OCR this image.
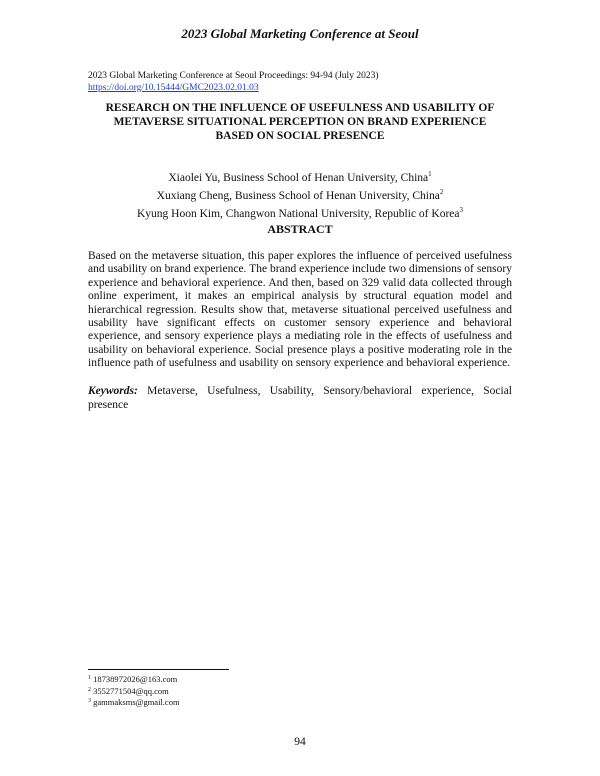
2023 Global Marketing Conference at Seoul
2023 Global Marketing Conference at Seoul Proceedings: 94-94 (July 2023)
https://doi.org/10.15444/GMC2023.02.01.03
RESEARCH ON THE INFLUENCE OF USEFULNESS AND USABILITY OF
METAVERSE SITUATIONAL PERCEPTION ON BRAND EXPERIENCE
BASED ON SOCIAL PRESENCE
Xiaolei Yu, Business School of Henan University, China$^1$
Xuxiang Cheng, Business School of Henan University, China$^2$
Kyung Hoon Kim, Changwon National University, Republic of Korea$^3$
ABSTRACT
Based on the metaverse situation, this paper explores the influence of perceived usefulness and usability on brand experience. The brand experience include two dimensions of sensory experience and behavioral experience. And then, based on 329 valid data collected through online experiment, it makes an empirical analysis by structural equation model and hierarchical regression. Results show that, metaverse situational perceived usefulness and usability have significant effects on customer sensory experience and behavioral experience, and sensory experience plays a mediating role in the effects of usefulness and usability on behavioral experience. Social presence plays a positive moderating role in the influence path of usefulness and usability on sensory experience and behavioral experience.
Keywords: Metaverse, Usefulness, Usability, Sensory/behavioral experience, Social presence
$^1$ 18738972026@163.com
$^2$ 3552771504@qq.com
$^3$ gammaksms@gmail.com
94
